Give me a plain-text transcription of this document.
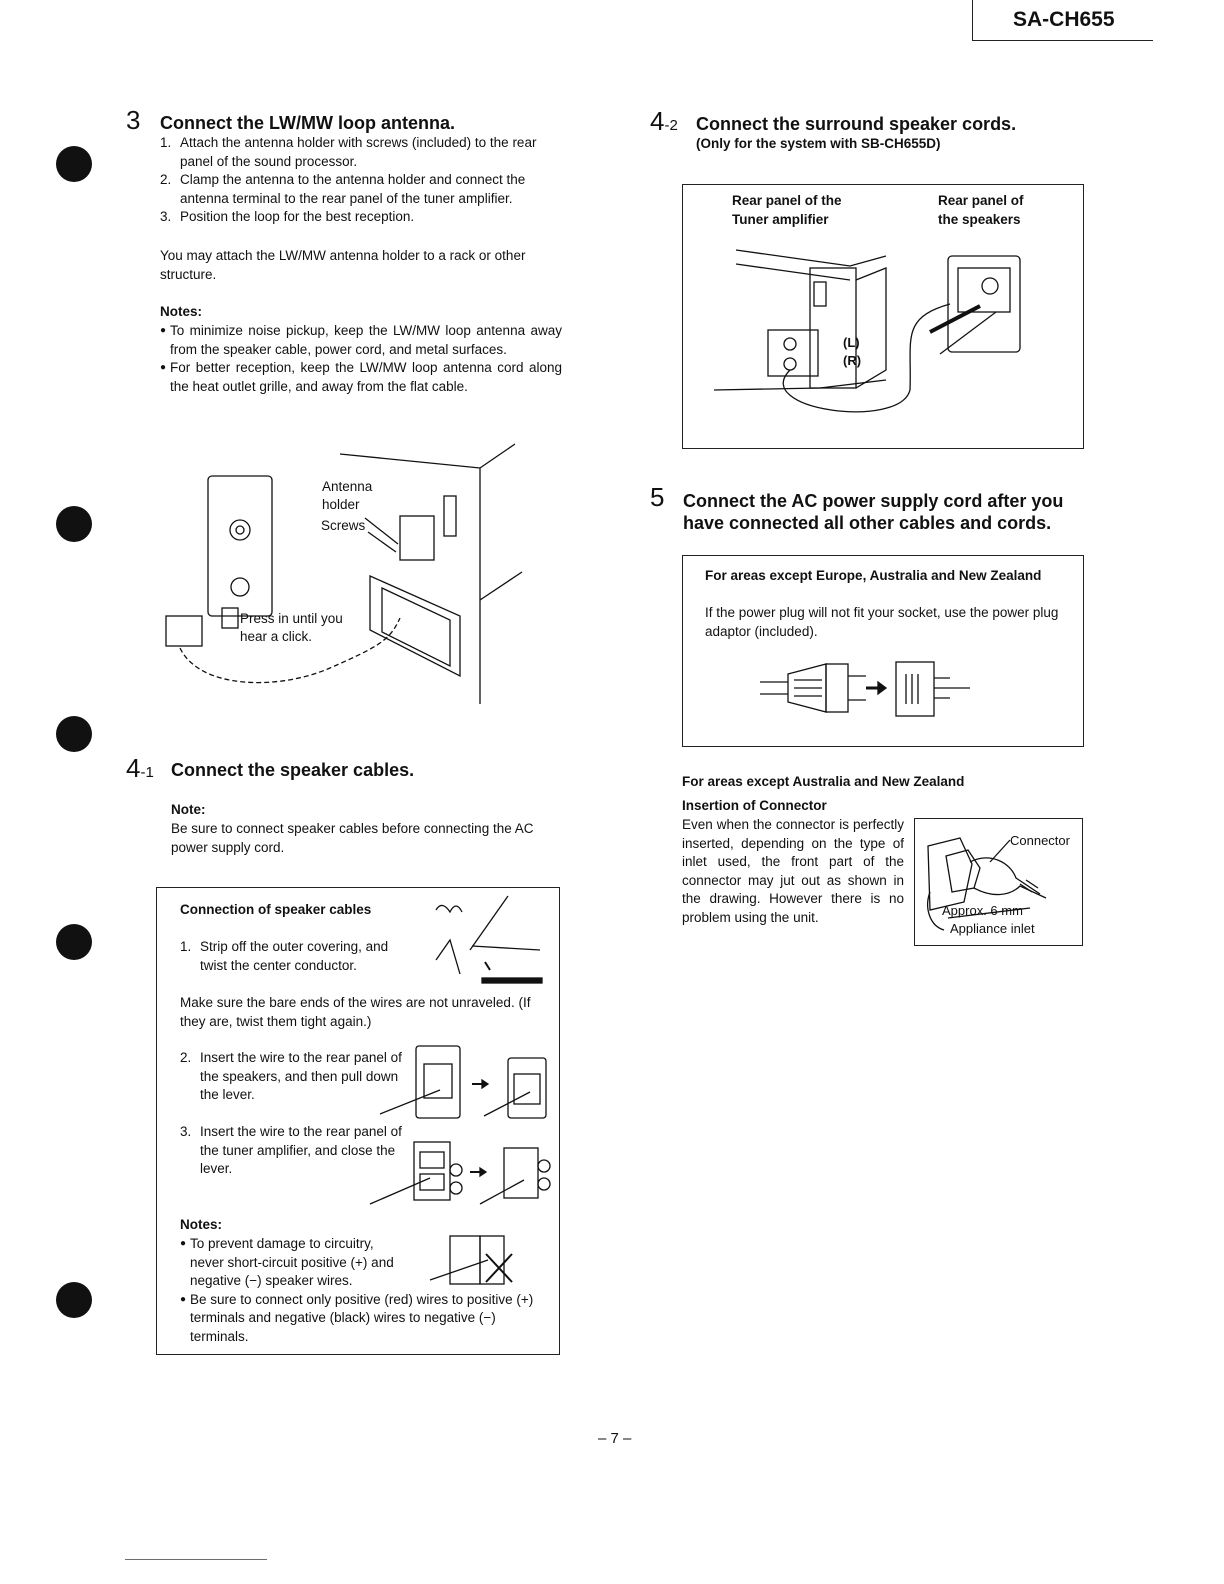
SA-CH655
3 Connect the LW/MW loop antenna.
1. Attach the antenna holder with screws (included) to the rear panel of the sound processor.
2. Clamp the antenna to the antenna holder and connect the antenna terminal to the rear panel of the tuner amplifier.
3. Position the loop for the best reception.
You may attach the LW/MW antenna holder to a rack or other structure.
Notes:
● To minimize noise pickup, keep the LW/MW loop antenna away from the speaker cable, power cord, and metal surfaces.
● For better reception, keep the LW/MW loop antenna cord along the heat outlet grille, and away from the flat cable.
Antenna holder
Screws
Press in until you hear a click.
4-1 Connect the speaker cables.
Note:
Be sure to connect speaker cables before connecting the AC power supply cord.
Connection of speaker cables
1. Strip off the outer covering, and twist the center conductor.
Make sure the bare ends of the wires are not unraveled. (If they are, twist them tight again.)
2. Insert the wire to the rear panel of the speakers, and then pull down the lever.
3. Insert the wire to the rear panel of the tuner amplifier, and close the lever.
Notes:
● To prevent damage to circuitry, never short-circuit positive (+) and negative (−) speaker wires.
● Be sure to connect only positive (red) wires to positive (+) terminals and negative (black) wires to negative (−) terminals.
4-2 Connect the surround speaker cords.
(Only for the system with SB-CH655D)
Rear panel of the Tuner amplifier
Rear panel of the speakers
(L)
(R)
5 Connect the AC power supply cord after you have connected all other cables and cords.
For areas except Europe, Australia and New Zealand
If the power plug will not fit your socket, use the power plug adaptor (included).
For areas except Australia and New Zealand
Insertion of Connector
Even when the connector is perfectly inserted, depending on the type of inlet used, the front part of the connector may jut out as shown in the drawing. However there is no problem using the unit.
Connector
Approx. 6 mm
Appliance inlet
– 7 –
